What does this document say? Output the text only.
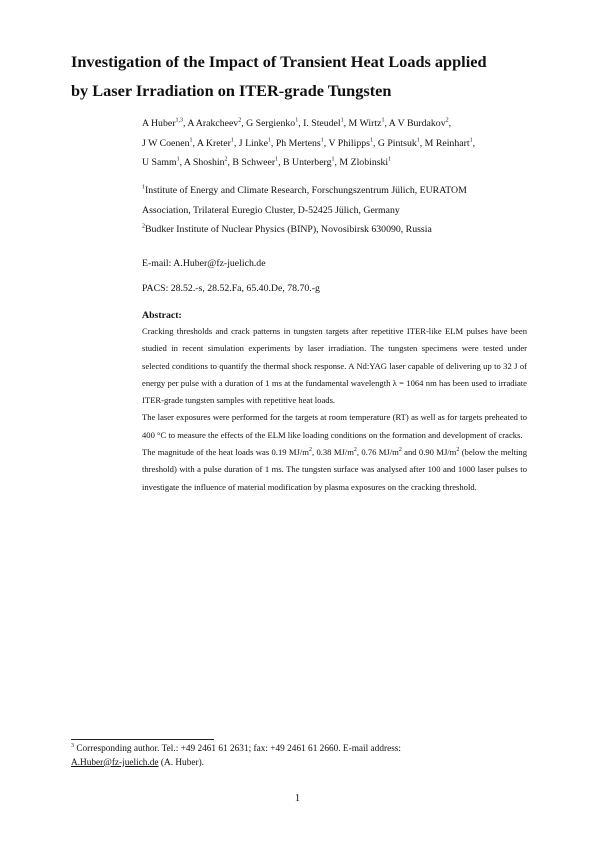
Investigation of the Impact of Transient Heat Loads applied
by Laser Irradiation on ITER-grade Tungsten
A Huber$^{1,3}$, A Arakcheev$^2$, G Sergienko$^1$, I. Steudel$^1$, M Wirtz$^1$, A V Burdakov$^2$,
J W Coenen$^1$, A Kreter$^1$, J Linke$^1$, Ph Mertens$^1$, V Philipps$^1$, G Pintsuk$^1$, M Reinhart$^1$,
U Samm$^1$, A Shoshin$^2$, B Schweer$^1$, B Unterberg$^1$, M Zlobinski$^1$
$^1$Institute of Energy and Climate Research, Forschungszentrum Jülich, EURATOM
Association, Trilateral Euregio Cluster, D-52425 Jülich, Germany
$^2$Budker Institute of Nuclear Physics (BINP), Novosibirsk 630090, Russia
E-mail: A.Huber@fz-juelich.de
PACS: 28.52.-s, 28.52.Fa, 65.40.De, 78.70.-g
Abstract:

Cracking thresholds and crack patterns in tungsten targets after repetitive ITER-like ELM pulses have been studied in recent simulation experiments by laser irradiation. The tungsten specimens were tested under selected conditions to quantify the thermal shock response. A Nd:YAG laser capable of delivering up to 32 J of energy per pulse with a duration of 1 ms at the fundamental wavelength λ = 1064 nm has been used to irradiate ITER-grade tungsten samples with repetitive heat loads.

The laser exposures were performed for the targets at room temperature (RT) as well as for targets preheated to 400 °C to measure the effects of the ELM like loading conditions on the formation and development of cracks.

The magnitude of the heat loads was 0.19 $MJ/m^2$, 0.38 $MJ/m^2$, 0.76 $MJ/m^2$ and 0.90 $MJ/m^2$ (below the melting threshold) with a pulse duration of 1 ms. The tungsten surface was analysed after 100 and 1000 laser pulses to investigate the influence of material modification by plasma exposures on the cracking threshold.

$^3$ Corresponding author. Tel.: +49 2461 61 2631; fax: +49 2461 61 2660. E-mail address:
A.Huber@fz-juelich.de (A. Huber).
1
